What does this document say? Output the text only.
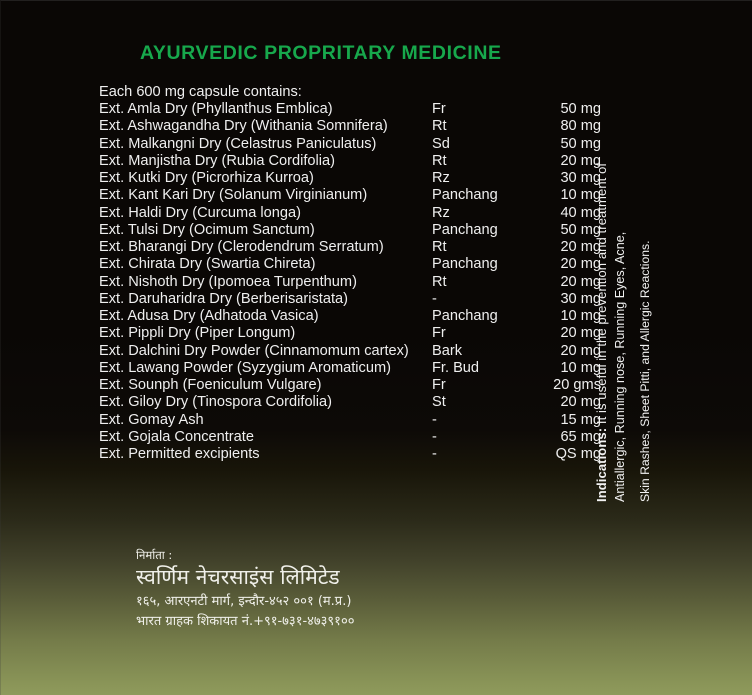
AYURVEDIC PROPRITARY MEDICINE
Each 600 mg capsule contains:
Ext. Amla Dry (Phyllanthus Emblica)	Fr	50 mg
Ext. Ashwagandha Dry (Withania Somnifera)	Rt	80 mg
Ext. Malkangni Dry (Celastrus Paniculatus)	Sd	50 mg
Ext. Manjistha Dry (Rubia Cordifolia)	Rt	20 mg
Ext. Kutki Dry (Picrorhiza Kurroa)	Rz	30 mg
Ext. Kant Kari Dry (Solanum Virginianum)	Panchang	10 mg
Ext. Haldi Dry (Curcuma longa)	Rz	40 mg
Ext. Tulsi Dry (Ocimum Sanctum)	Panchang	50 mg
Ext. Bharangi Dry (Clerodendrum Serratum)	Rt	20 mg
Ext. Chirata Dry (Swartia Chireta)	Panchang	20 mg
Ext. Nishoth Dry (Ipomoea Turpenthum)	Rt	20 mg
Ext. Daruharidra Dry (Berberisaristata)	-	30 mg
Ext. Adusa Dry (Adhatoda Vasica)	Panchang	10 mg
Ext. Pippli Dry (Piper Longum)	Fr	20 mg
Ext. Dalchini Dry Powder (Cinnamomum cartex)	Bark	20 mg
Ext. Lawang Powder (Syzygium Aromaticum)	Fr. Bud	10 mg
Ext. Sounph (Foeniculum Vulgare)	Fr	20 gms
Ext. Giloy Dry (Tinospora Cordifolia)	St	20 mg
Ext. Gomay Ash	-	15 mg
Ext. Gojala Concentrate	-	65 mg
Ext. Permitted excipients	-	QS mg
Indications: It is useful in the prevention and treatment of Antiallergic, Running nose, Running Eyes, Acne, Skin Rashes, Sheet Pitti, and Allergic Reactions.
निर्माता :
स्वर्णिम नेचरसाइंस लिमिटेड
१६५, आरएनटी मार्ग, इन्दौर-४५२ ००१ (म.प्र.)
भारत ग्राहक शिकायत नं.+९१-७३१-४७३९१००
